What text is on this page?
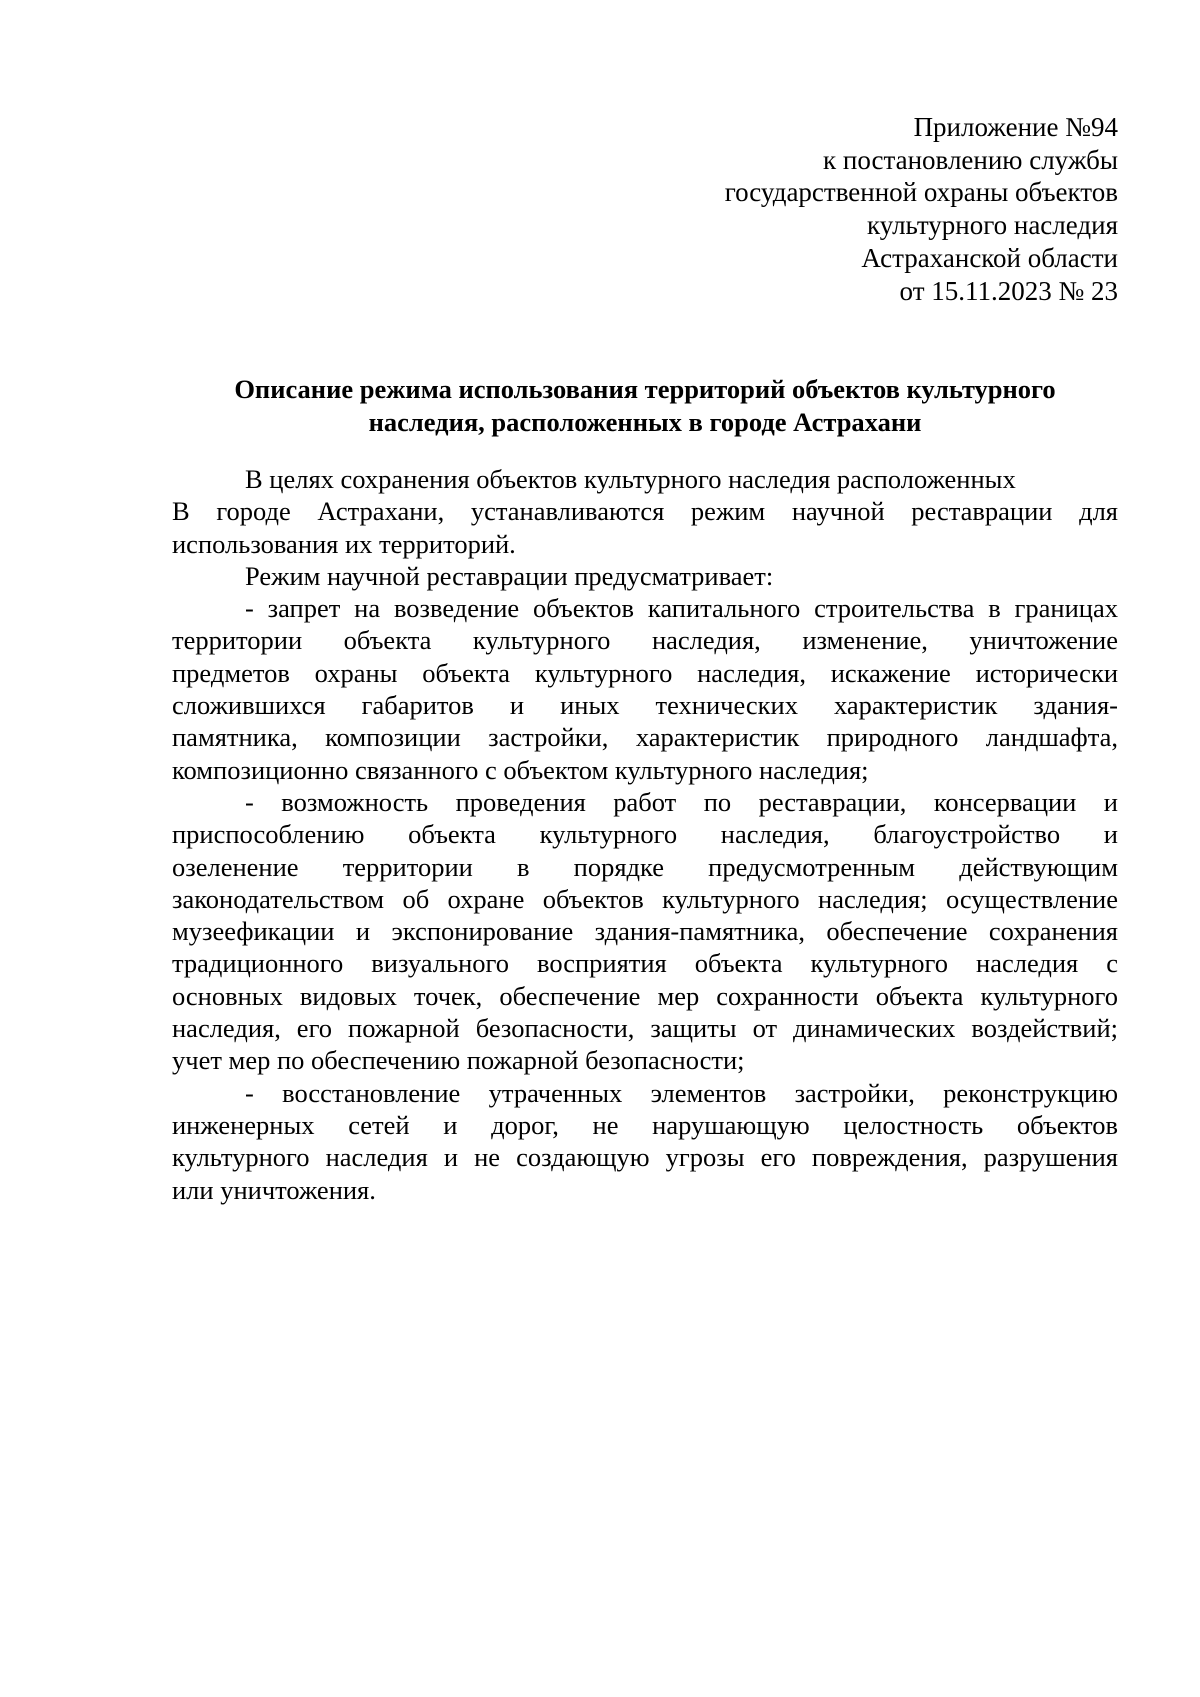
Приложение №94
к постановлению службы
государственной охраны объектов
культурного наследия
Астраханской области
от 15.11.2023 № 23
Описание режима использования территорий объектов культурного
наследия, расположенных в городе Астрахани
В целях сохранения объектов культурного наследия расположенных
В городе Астрахани, устанавливаются режим научной реставрации для
использования их территорий.
Режим научной реставрации предусматривает:
- запрет на возведение объектов капитального строительства в границах
территории объекта культурного наследия, изменение, уничтожение
предметов охраны объекта культурного наследия, искажение исторически
сложившихся габаритов и иных технических характеристик здания-
памятника, композиции застройки, характеристик природного ландшафта,
композиционно связанного с объектом культурного наследия;
- возможность проведения работ по реставрации, консервации и
приспособлению объекта культурного наследия, благоустройство и
озеленение территории в порядке предусмотренным действующим
законодательством об охране объектов культурного наследия; осуществление
музеефикации и экспонирование здания-памятника, обеспечение сохранения
традиционного визуального восприятия объекта культурного наследия с
основных видовых точек, обеспечение мер сохранности объекта культурного
наследия, его пожарной безопасности, защиты от динамических воздействий;
учет мер по обеспечению пожарной безопасности;
- восстановление утраченных элементов застройки, реконструкцию
инженерных сетей и дорог, не нарушающую целостность объектов
культурного наследия и не создающую угрозы его повреждения, разрушения
или уничтожения.
